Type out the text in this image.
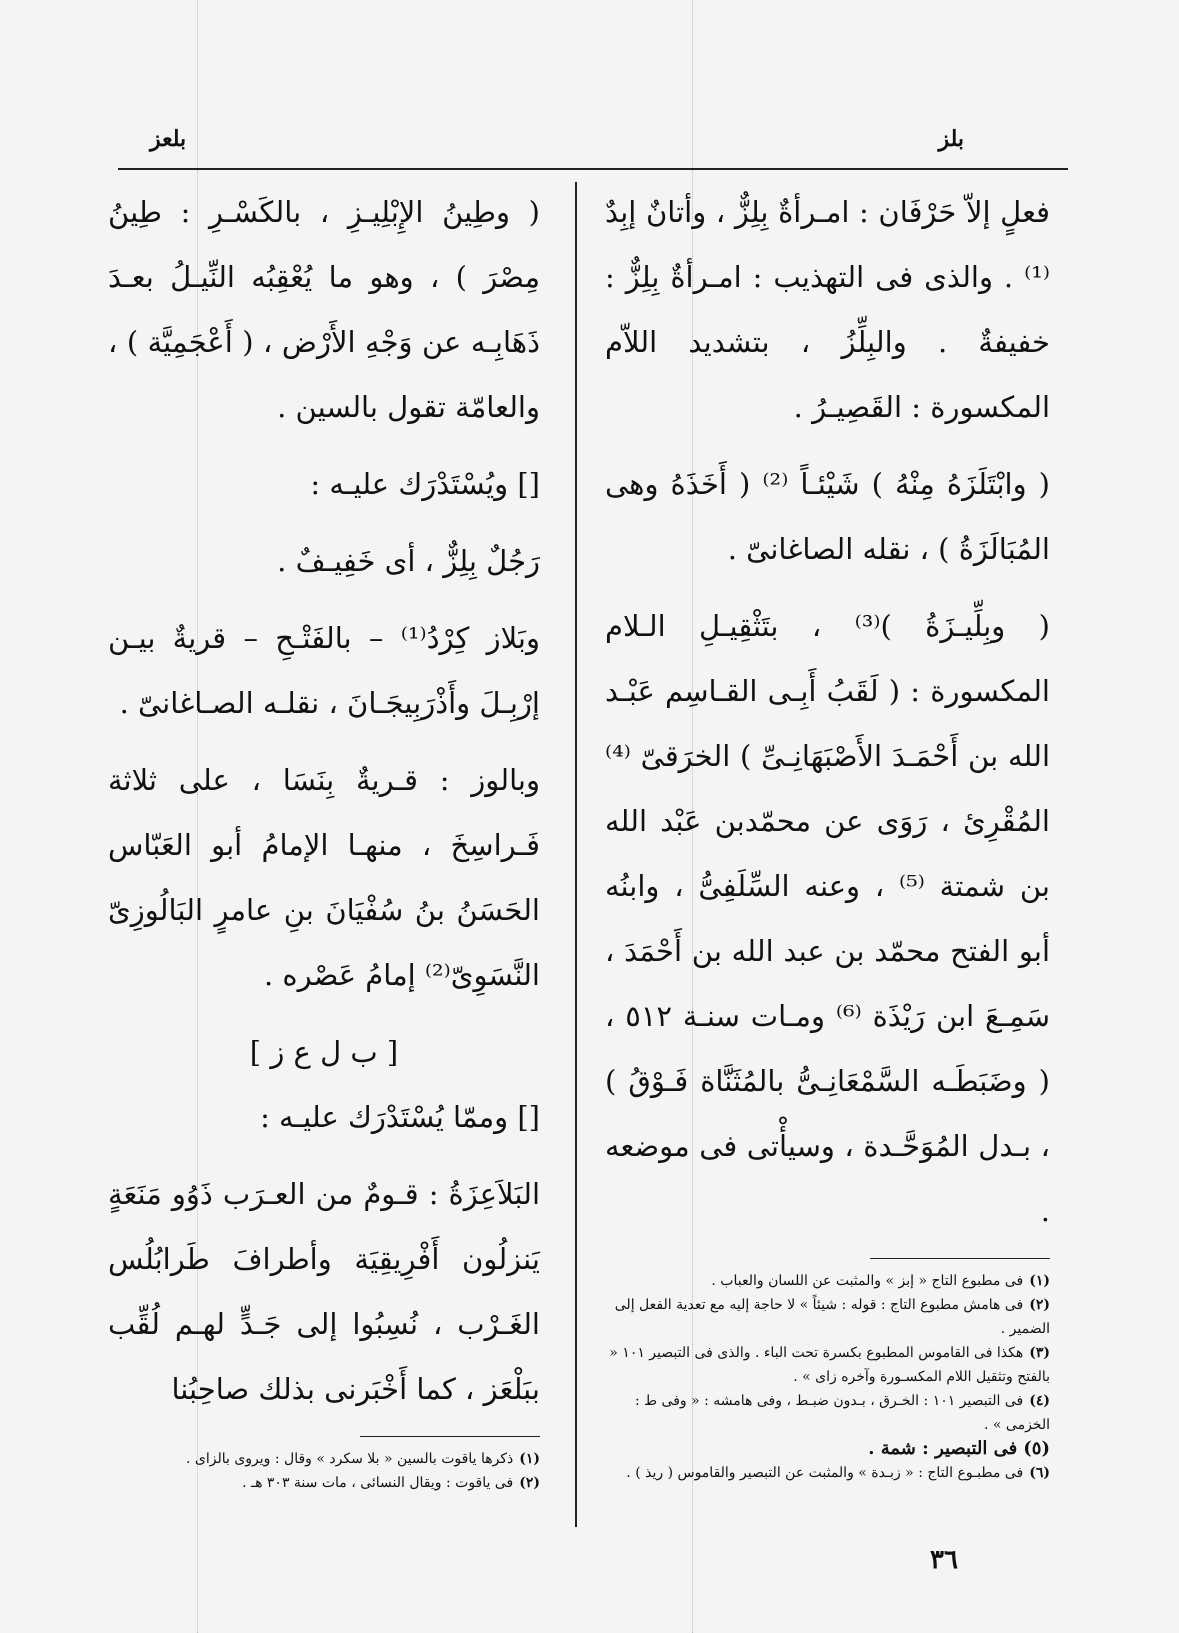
بلعز	بلز

فعلٍ إلاّ حَرْفَان : امـرأةٌ بِلِزٌّ ، وأتانٌ إبِدٌ ⁽¹⁾ . والذى فى التهذيب : امـرأةٌ بِلِزٌّ : خفيفةٌ . والبِلِّزُ ، بتشديد اللاّم المكسورة : القَصِيـرُ .

( وابْتَلَزَهُ مِنْهُ ) شَيْئـاً ⁽²⁾ ( أَخَذَهُ وهى المُبَالَزَةُ ) ، نقله الصاغانىّ .

( وبِلِّيـزَةُ )⁽³⁾ ، بتَثْقِيـلِ الـلام المكسورة : ( لَقَبُ أَبِـى القـاسِم عَبْـد الله بن أَحْمَـدَ الأَصْبَهَانِـىِّ ) الخرَقىّ ⁽⁴⁾ المُقْرِئ ، رَوَى عن محمّدبن عَبْد الله بن شمتة ⁽⁵⁾ ، وعنه السِّلَفِىُّ ، وابنُه أبو الفتح محمّد بن عبد الله بن أَحْمَدَ ، سَمِـعَ ابن رَيْذَة ⁽⁶⁾ ومـات سنـة ٥١٢ ، ( وضَبَطَـه السَّمْعَانِـىُّ بالمُثَنَّاة فَـوْقُ ) ، بـدل المُوَحَّـدة ، وسيأْتى فى موضعه .

(١)فى مطبوع التاج « إبز » والمثبت عن اللسان والعباب .

(٢)فى هامش مطبوع التاج : قوله : شيئاً » لا حاجة إليه مع تعدية الفعل إلى الضمير .

(٣)هكذا فى القاموس المطبوع بكسرة تحت الباء . والذى فى التبصير ١٠١ « بالفتح وتثقيل اللام المكسـورة وآخره زاى » .

(٤)فى التبصير ١٠١ : الخـرق ، بـدون ضبـط ، وفى هامشه : « وفى ط : الخزمى » .

(٥)فى التبصير : شمة .

(٦)فى مطبـوع التاج : « زبـدة » والمثبت عن التبصير والقاموس ( ريذ ) .

( وطِينُ الإِبْلِيـزِ ، بالكَسْـرِ : طِينُ مِصْرَ ) ، وهو ما يُعْقِبُه النِّيـلُ بعـدَ ذَهَابِـه عن وَجْهِ الأَرْض ، ( أَعْجَمِيَّة ) ، والعامّة تقول بالسين .

[] ويُسْتَدْرَك عليـه :

رَجُلٌ بِلِزٌّ ، أى خَفِيـفٌ .

وبَلاز كِرْدُ⁽¹⁾ – بالفَتْـحِ – قريةٌ بيـن إرْبِـلَ وأَذْرَبِيجَـانَ ، نقلـه الصـاغانىّ .

وبالوز : قـريةٌ بِنَسَا ، على ثلاثة فَـراسِخَ ، منهـا الإمامُ أبو العَبّاس الحَسَنُ بنُ سُفْيَانَ بنِ عامرٍ البَالُوزِىّ النَّسَوِىّ⁽²⁾ إمامُ عَصْره .

[ ب ل ع ز ]

[] وممّا يُسْتَدْرَك عليـه :

البَلاَعِزَةُ : قـومٌ من العـرَب ذَوُو مَنَعَةٍ يَنزلُون أَفْرِيقِيَة وأطرافَ طَرابُلُس الغَـرْب ، نُسِبُوا إلى جَـدٍّ لهـم لُقِّب ببَلْعَز ، كما أَخْبَرنى بذلك صاحِبُنا

(١)ذكرها ياقوت بالسين « بلا سكرد » وقال : ويروى بالزاى .

(٢)فى ياقوت : ويقال النسائى ، مات سنة ٣٠٣ هـ .

٣٦
